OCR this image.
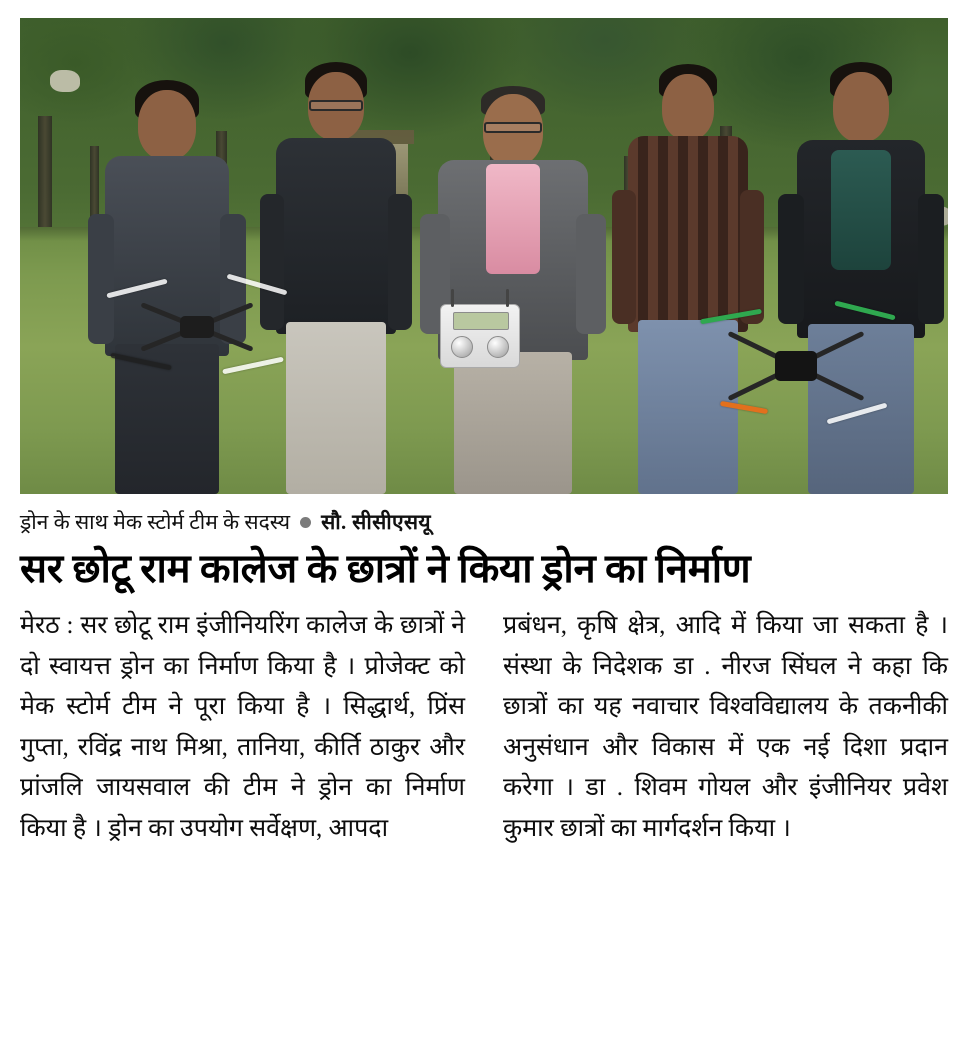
ड्रोन के साथ मेक स्टोर्म टीम के सदस्य सौ. सीसीएसयू
सर छोटू राम कालेज के छात्रों ने किया ड्रोन का निर्माण

मेरठ : सर छोटू राम इंजीनियरिंग कालेज के छात्रों ने दो स्वायत्त ड्रोन का निर्माण किया है । प्रोजेक्ट को मेक स्टोर्म टीम ने पूरा किया है । सिद्धार्थ, प्रिंस गुप्ता, रविंद्र नाथ मिश्रा, तानिया, कीर्ति ठाकुर और प्रांजलि जायसवाल की टीम ने ड्रोन का निर्माण किया है । ड्रोन का उपयोग सर्वेक्षण, आपदा

प्रबंधन, कृषि क्षेत्र, आदि में किया जा सकता है । संस्था के निदेशक डा . नीरज सिंघल ने कहा कि छात्रों का यह नवाचार विश्वविद्यालय के तकनीकी अनुसंधान और विकास में एक नई दिशा प्रदान करेगा । डा . शिवम गोयल और इंजीनियर प्रवेश कुमार छात्रों का मार्गदर्शन किया ।
